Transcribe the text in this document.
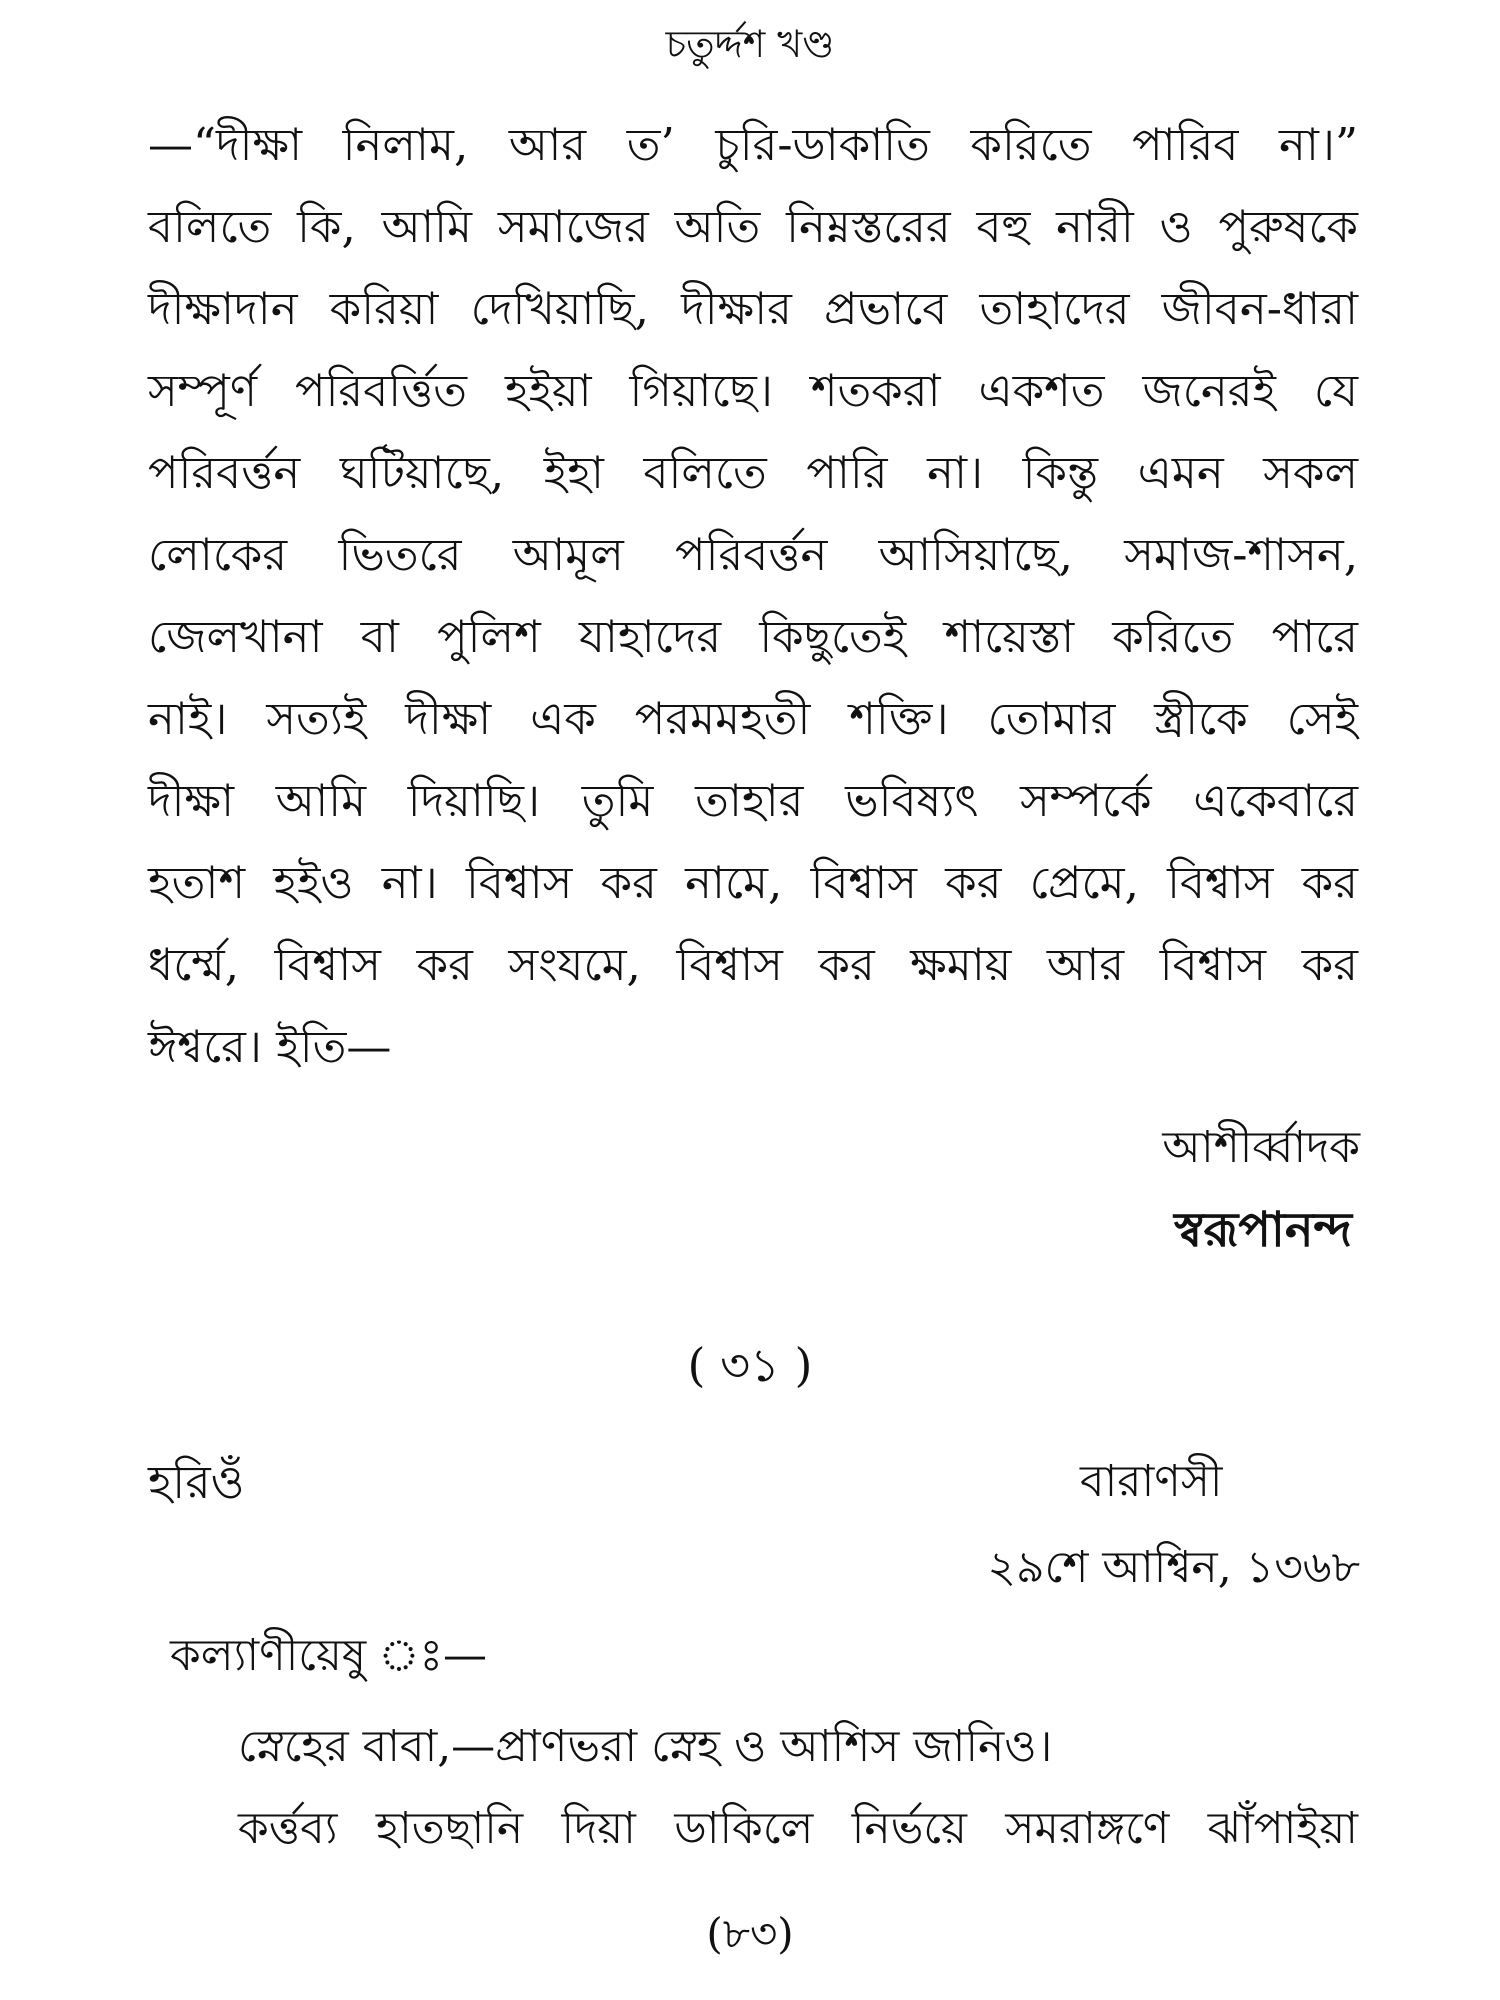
চতুর্দ্দশ খণ্ড
—“দীক্ষা নিলাম, আর ত’ চুরি-ডাকাতি করিতে পারিব না।”
বলিতে কি, আমি সমাজের অতি নিম্নস্তরের বহু নারী ও পুরুষকে
দীক্ষাদান করিয়া দেখিয়াছি, দীক্ষার প্রভাবে তাহাদের জীবন-ধারা
সম্পূর্ণ পরিবর্ত্তিত হইয়া গিয়াছে। শতকরা একশত জনেরই যে
পরিবর্ত্তন ঘটিয়াছে, ইহা বলিতে পারি না। কিন্তু এমন সকল
লোকের ভিতরে আমূল পরিবর্ত্তন আসিয়াছে, সমাজ-শাসন,
জেলখানা বা পুলিশ যাহাদের কিছুতেই শায়েস্তা করিতে পারে
নাই। সত্যই দীক্ষা এক পরমমহতী শক্তি। তোমার স্ত্রীকে সেই
দীক্ষা আমি দিয়াছি। তুমি তাহার ভবিষ্যৎ সম্পর্কে একেবারে
হতাশ হইও না। বিশ্বাস কর নামে, বিশ্বাস কর প্রেমে, বিশ্বাস কর
ধর্ম্মে, বিশ্বাস কর সংযমে, বিশ্বাস কর ক্ষমায় আর বিশ্বাস কর
ঈশ্বরে। ইতি—
আশীর্ব্বাদক
স্বরূপানন্দ
( ৩১ )
হরিওঁ	বারাণসী
২৯শে আশ্বিন, ১৩৬৮
কল্যাণীয়েষু ঃ—
স্নেহের বাবা,—প্রাণভরা স্নেহ ও আশিস জানিও।
কর্ত্তব্য হাতছানি দিয়া ডাকিলে নির্ভয়ে সমরাঙ্গণে ঝাঁপাইয়া
(৮৩)
